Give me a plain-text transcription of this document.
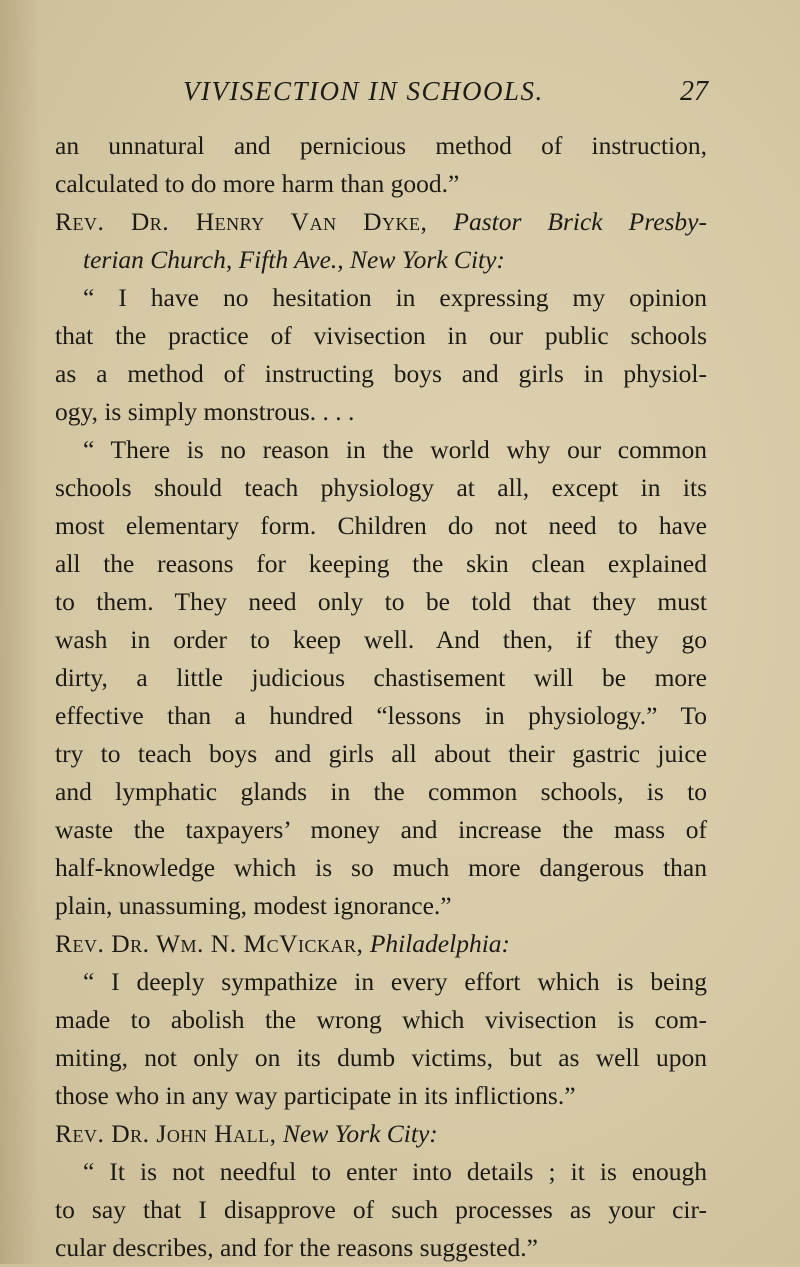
VIVISECTION IN SCHOOLS.	27
an unnatural and pernicious method of instruction,
calculated to do more harm than good.”
Rev. Dr. Henry Van Dyke, Pastor Brick Presby-
terian Church, Fifth Ave., New York City:
“ I have no hesitation in expressing my opinion
that the practice of vivisection in our public schools
as a method of instructing boys and girls in physiol-
ogy, is simply monstrous. . . .
“ There is no reason in the world why our common
schools should teach physiology at all, except in its
most elementary form. Children do not need to have
all the reasons for keeping the skin clean explained
to them. They need only to be told that they must
wash in order to keep well. And then, if they go
dirty, a little judicious chastisement will be more
effective than a hundred “lessons in physiology.” To
try to teach boys and girls all about their gastric juice
and lymphatic glands in the common schools, is to
waste the taxpayers’ money and increase the mass of
half-knowledge which is so much more dangerous than
plain, unassuming, modest ignorance.”
Rev. Dr. Wm. N. McVickar, Philadelphia:
“ I deeply sympathize in every effort which is being
made to abolish the wrong which vivisection is com-
miting, not only on its dumb victims, but as well upon
those who in any way participate in its inflictions.”
Rev. Dr. John Hall, New York City:
“ It is not needful to enter into details ; it is enough
to say that I disapprove of such processes as your cir-
cular describes, and for the reasons suggested.”
